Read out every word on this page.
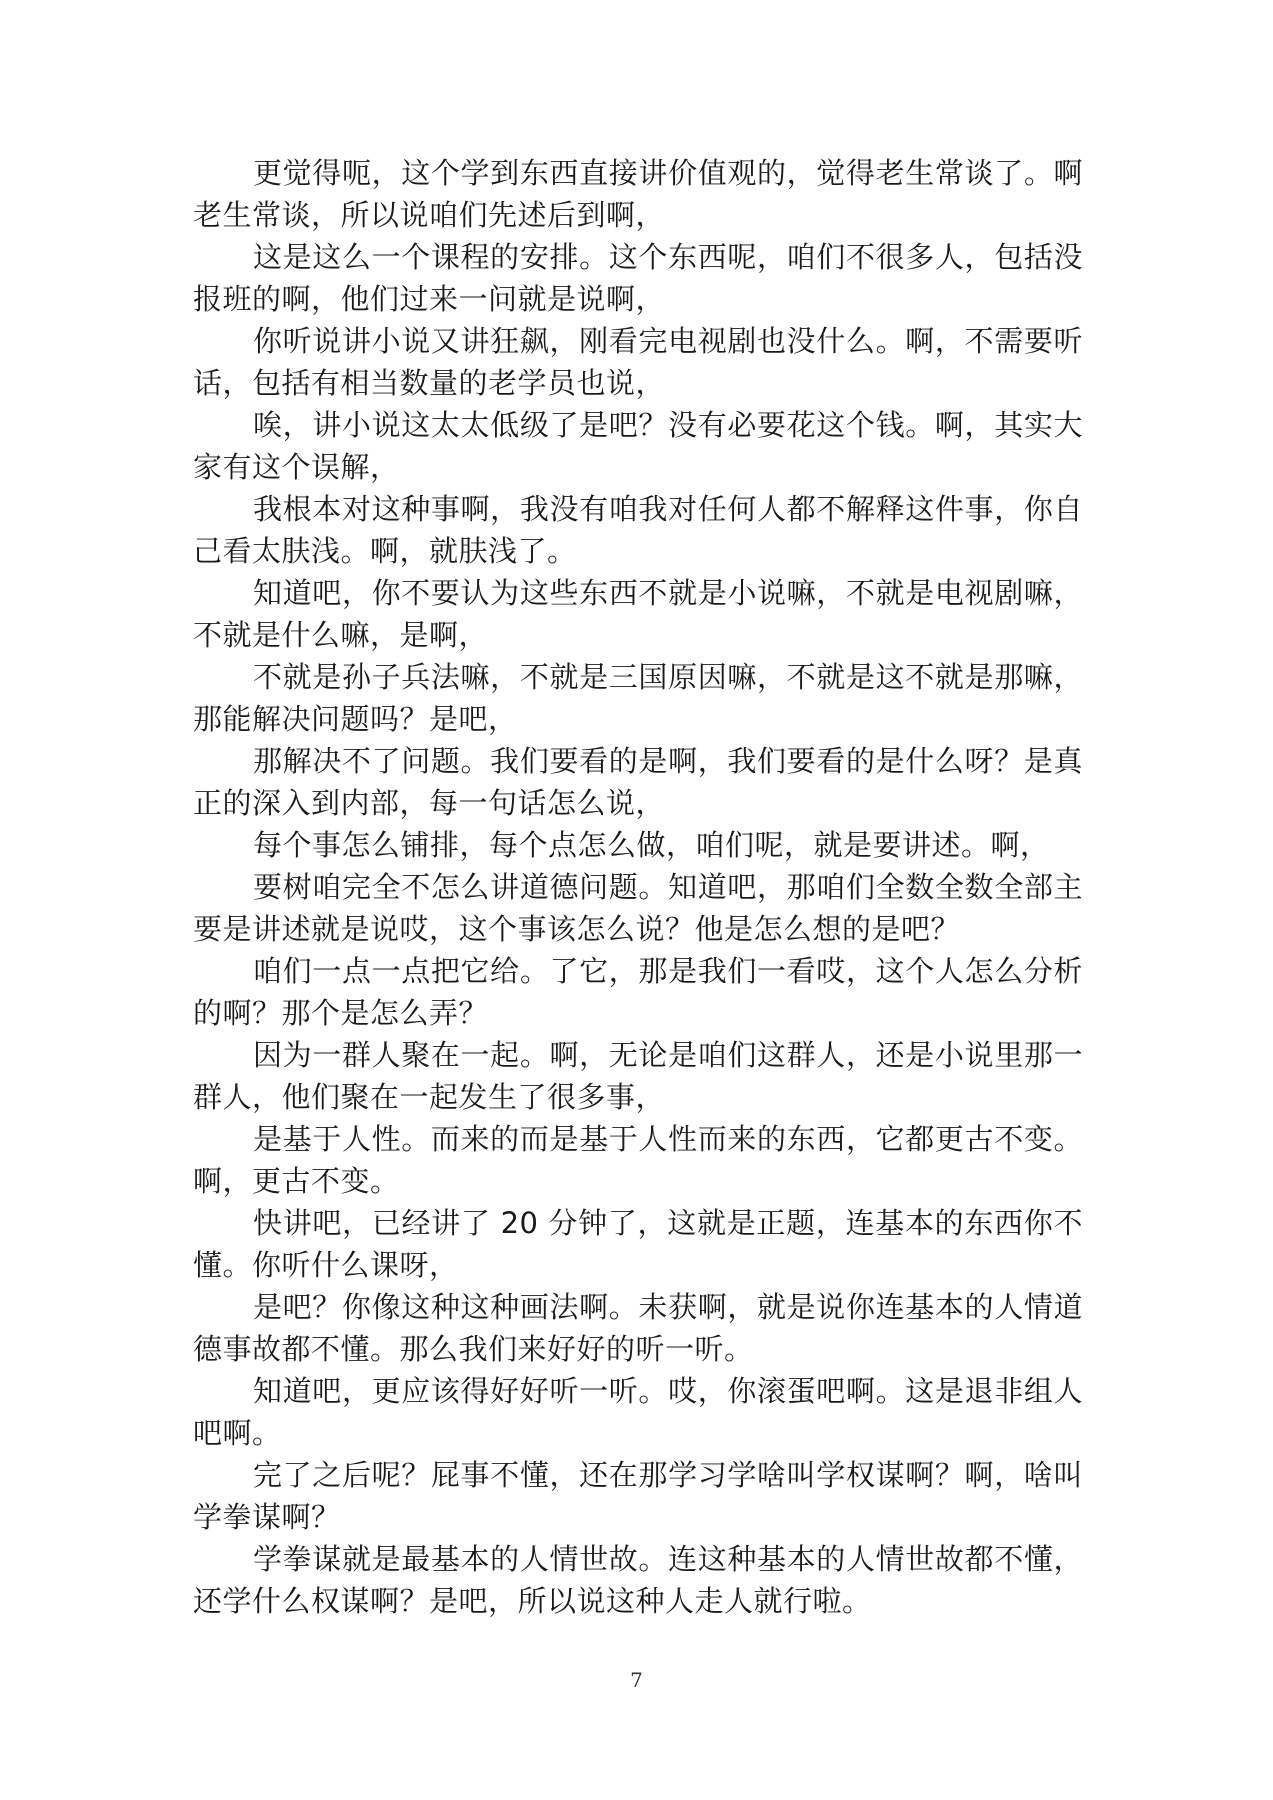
更觉得呃，这个学到东西直接讲价值观的，觉得老生常谈了。啊老生常谈，所以说咱们先述后到啊，

这是这么一个课程的安排。这个东西呢，咱们不很多人，包括没报班的啊，他们过来一问就是说啊，

你听说讲小说又讲狂飙，刚看完电视剧也没什么。啊，不需要听话，包括有相当数量的老学员也说，

唉，讲小说这太太低级了是吧？没有必要花这个钱。啊，其实大家有这个误解，

我根本对这种事啊，我没有咱我对任何人都不解释这件事，你自己看太肤浅。啊，就肤浅了。

知道吧，你不要认为这些东西不就是小说嘛，不就是电视剧嘛，不就是什么嘛，是啊，

不就是孙子兵法嘛，不就是三国原因嘛，不就是这不就是那嘛，那能解决问题吗？是吧，

那解决不了问题。我们要看的是啊，我们要看的是什么呀？是真正的深入到内部，每一句话怎么说，

每个事怎么铺排，每个点怎么做，咱们呢，就是要讲述。啊，

要树咱完全不怎么讲道德问题。知道吧，那咱们全数全数全部主要是讲述就是说哎，这个事该怎么说？他是怎么想的是吧？

咱们一点一点把它给。了它，那是我们一看哎，这个人怎么分析的啊？那个是怎么弄？

因为一群人聚在一起。啊，无论是咱们这群人，还是小说里那一群人，他们聚在一起发生了很多事，

是基于人性。而来的而是基于人性而来的东西，它都更古不变。啊，更古不变。

快讲吧，已经讲了 20 分钟了，这就是正题，连基本的东西你不懂。你听什么课呀，

是吧？你像这种这种画法啊。未获啊，就是说你连基本的人情道德事故都不懂。那么我们来好好的听一听。

知道吧，更应该得好好听一听。哎，你滚蛋吧啊。这是退非组人吧啊。

完了之后呢？屁事不懂，还在那学习学啥叫学权谋啊？啊，啥叫学拳谋啊？

学拳谋就是最基本的人情世故。连这种基本的人情世故都不懂，还学什么权谋啊？是吧，所以说这种人走人就行啦。

7
